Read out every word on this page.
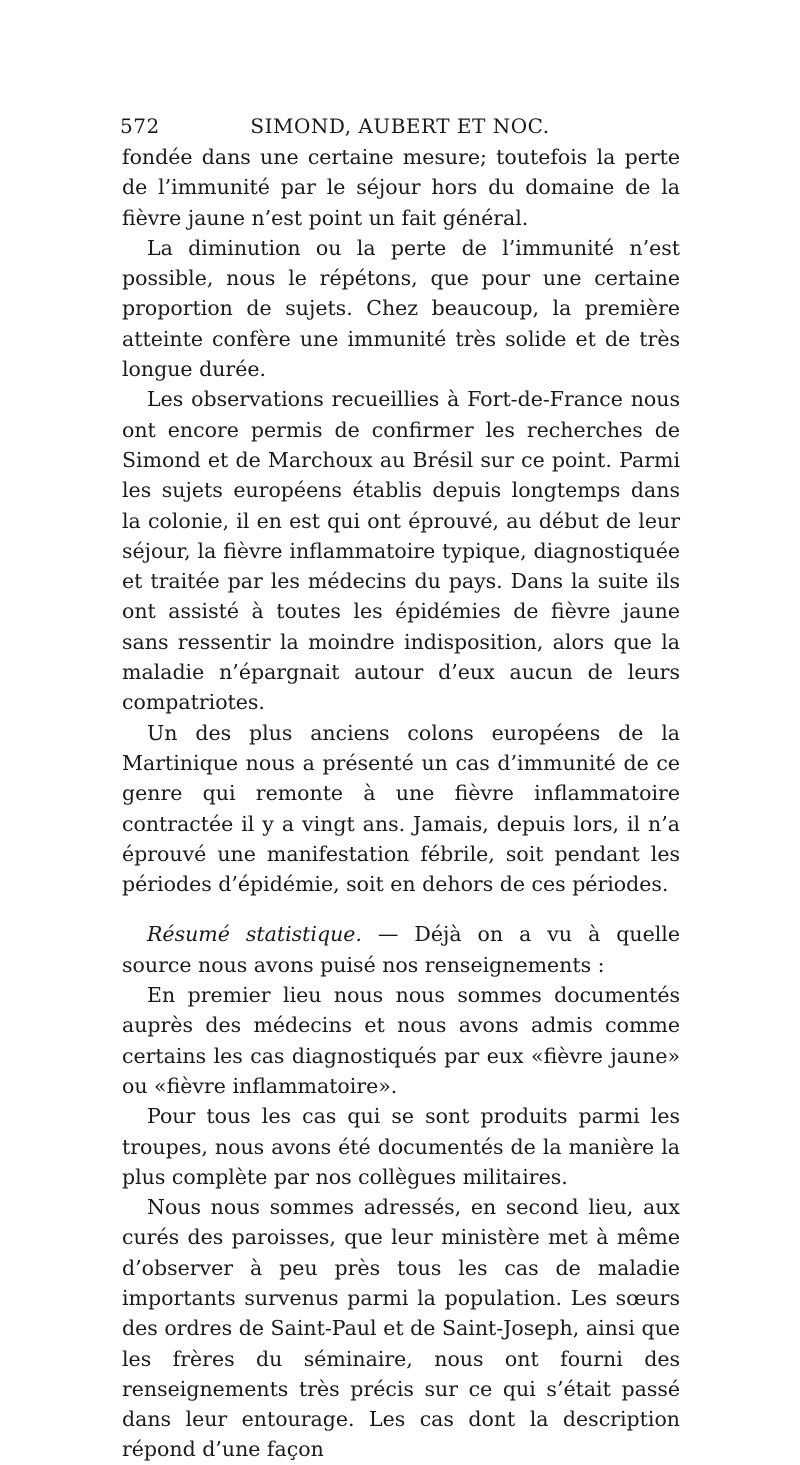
572	SIMOND, AUBERT ET NOC.

fondée dans une certaine mesure; toutefois la perte de l’immunité par le séjour hors du domaine de la fièvre jaune n’est point un fait général.

La diminution ou la perte de l’immunité n’est possible, nous le répétons, que pour une certaine proportion de sujets. Chez beaucoup, la première atteinte confère une immunité très solide et de très longue durée.

Les observations recueillies à Fort-de-France nous ont encore permis de confirmer les recherches de Simond et de Marchoux au Brésil sur ce point. Parmi les sujets européens établis depuis longtemps dans la colonie, il en est qui ont éprouvé, au début de leur séjour, la fièvre inflammatoire typique, diagnostiquée et traitée par les médecins du pays. Dans la suite ils ont assisté à toutes les épidémies de fièvre jaune sans ressentir la moindre indisposition, alors que la maladie n’épargnait autour d’eux aucun de leurs compatriotes.

Un des plus anciens colons européens de la Martinique nous a présenté un cas d’immunité de ce genre qui remonte à une fièvre inflammatoire contractée il y a vingt ans. Jamais, depuis lors, il n’a éprouvé une manifestation fébrile, soit pendant les périodes d’épidémie, soit en dehors de ces périodes.

Résumé statistique. — Déjà on a vu à quelle source nous avons puisé nos renseignements :

En premier lieu nous nous sommes documentés auprès des médecins et nous avons admis comme certains les cas diagnostiqués par eux «fièvre jaune» ou «fièvre inflammatoire».

Pour tous les cas qui se sont produits parmi les troupes, nous avons été documentés de la manière la plus complète par nos collègues militaires.

Nous nous sommes adressés, en second lieu, aux curés des paroisses, que leur ministère met à même d’observer à peu près tous les cas de maladie importants survenus parmi la population. Les sœurs des ordres de Saint-Paul et de Saint-Joseph, ainsi que les frères du séminaire, nous ont fourni des renseignements très précis sur ce qui s’était passé dans leur entourage. Les cas dont la description répond d’une façon
